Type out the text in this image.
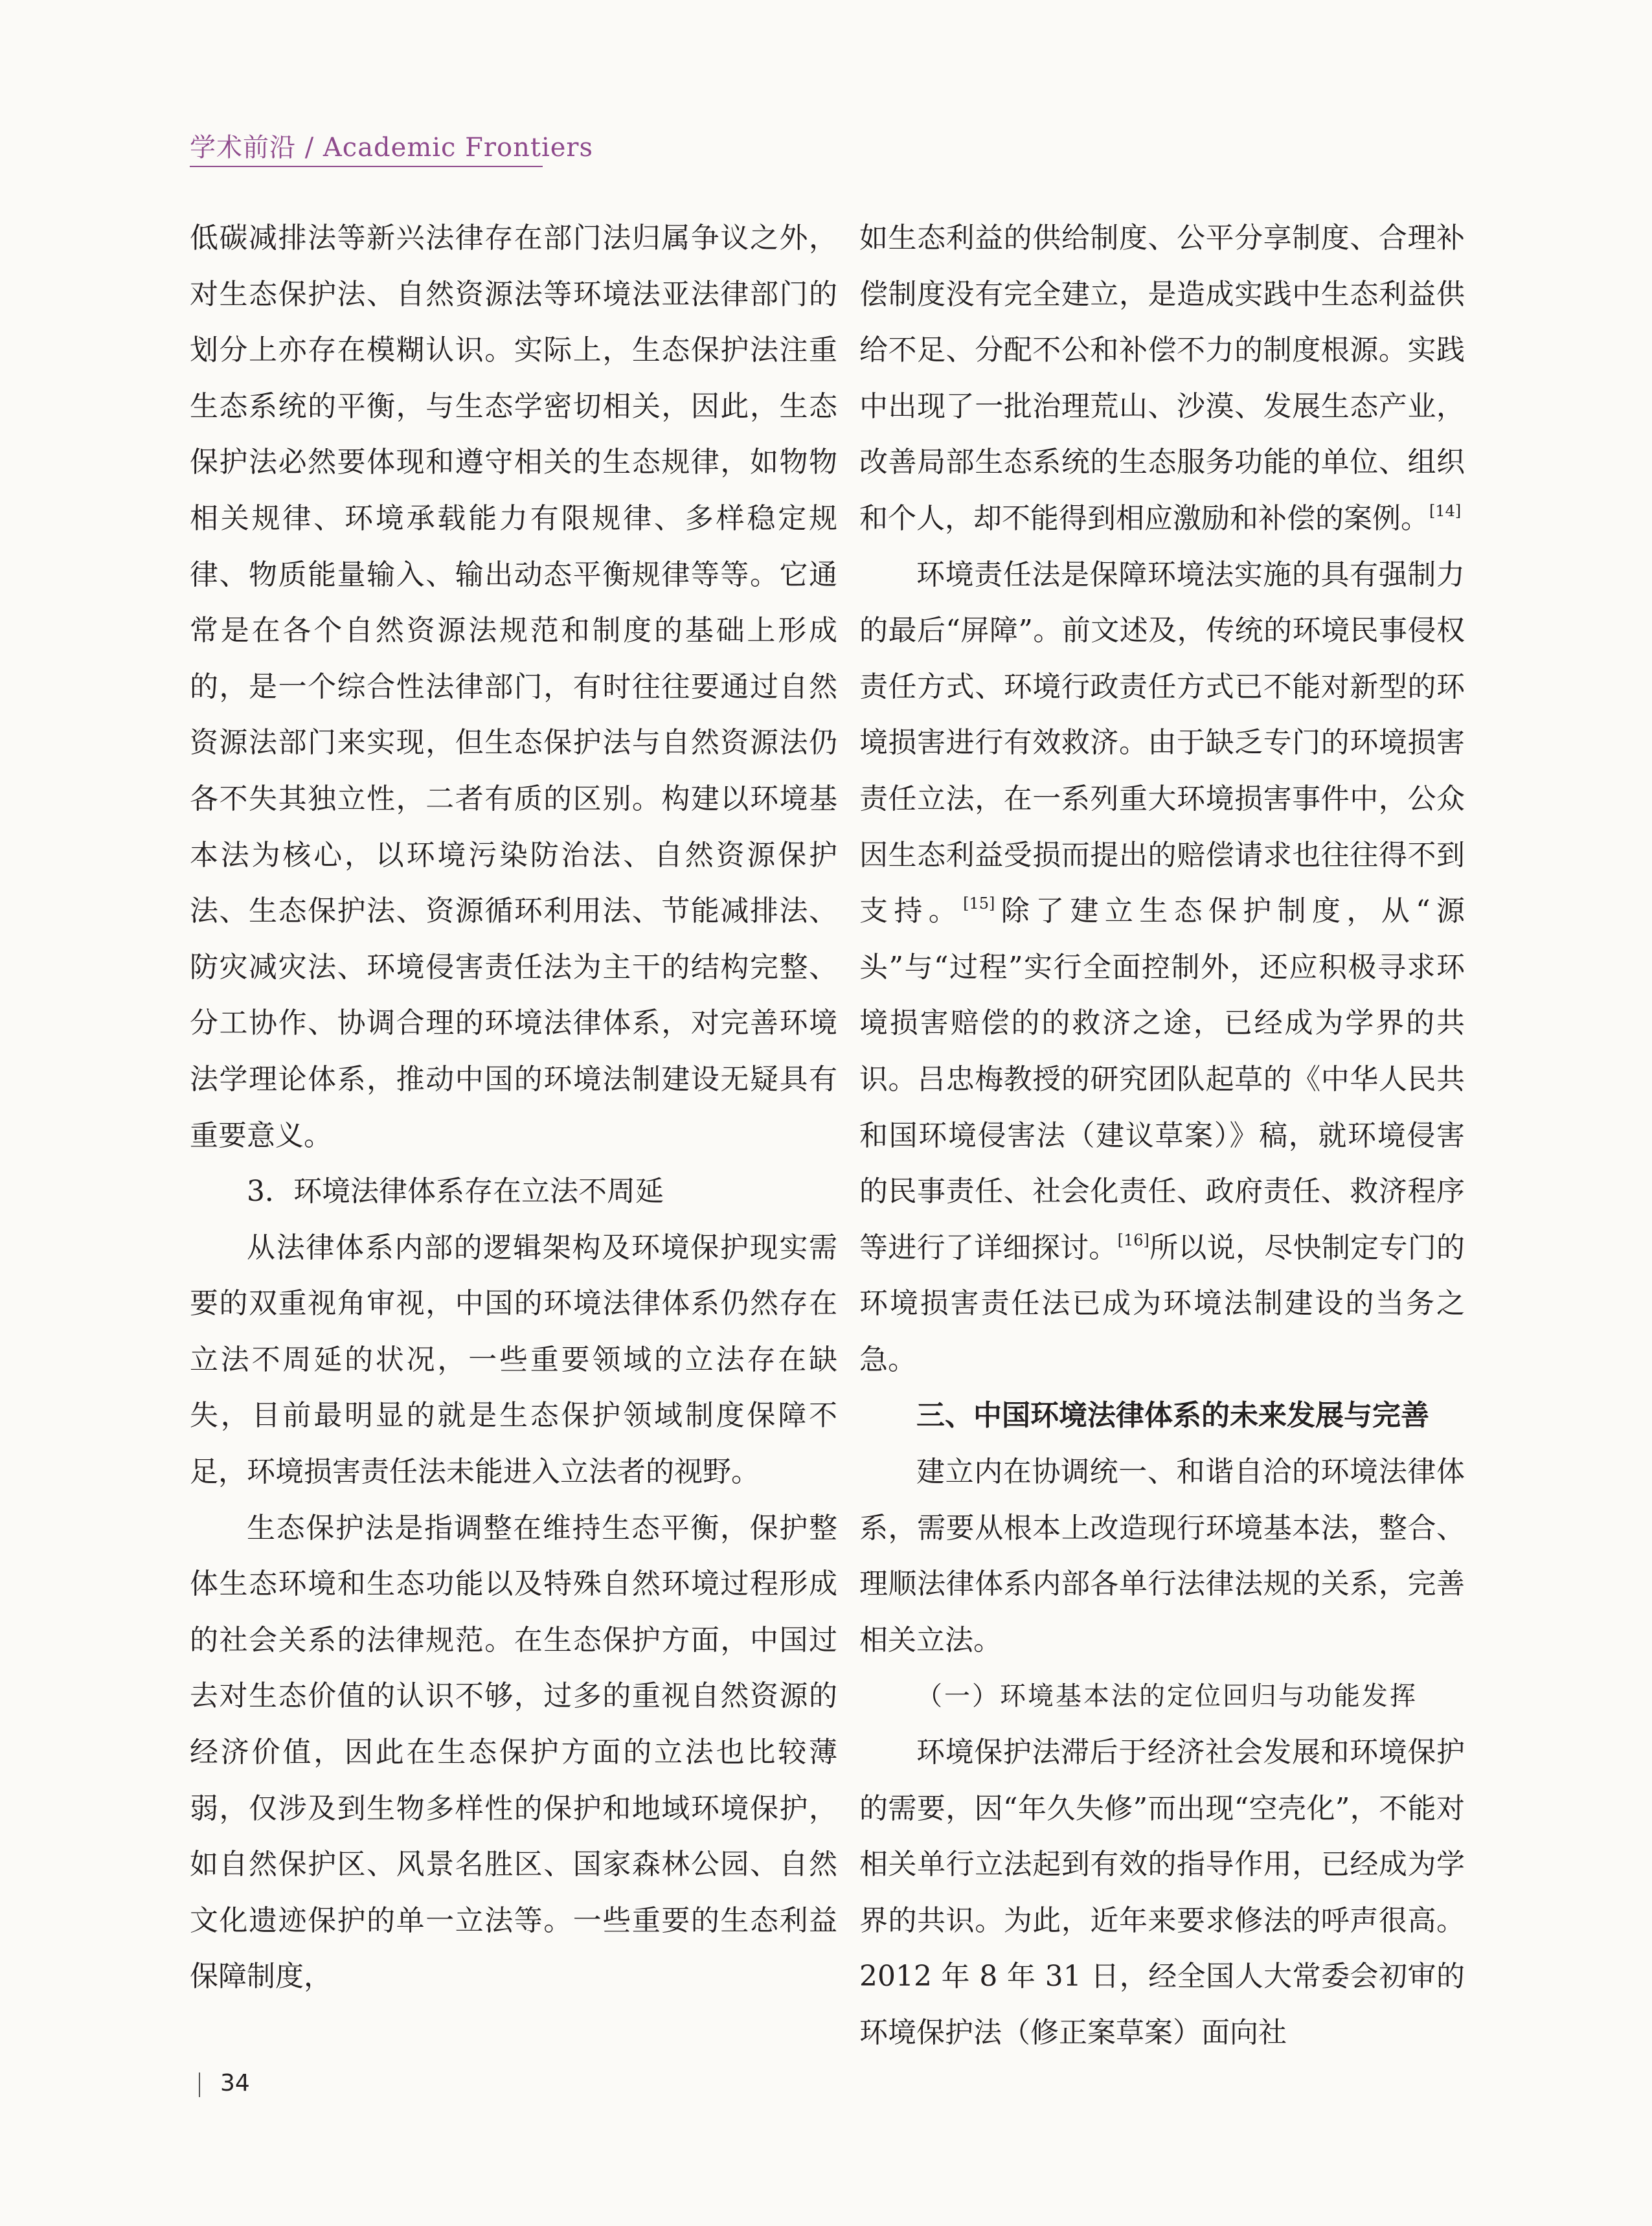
学术前沿 / Academic Frontiers

低碳减排法等新兴法律存在部门法归属争议之外，对生态保护法、自然资源法等环境法亚法律部门的划分上亦存在模糊认识。实际上，生态保护法注重生态系统的平衡，与生态学密切相关，因此，生态保护法必然要体现和遵守相关的生态规律，如物物相关规律、环境承载能力有限规律、多样稳定规律、物质能量输入、输出动态平衡规律等等。它通常是在各个自然资源法规范和制度的基础上形成的，是一个综合性法律部门，有时往往要通过自然资源法部门来实现，但生态保护法与自然资源法仍各不失其独立性，二者有质的区别。构建以环境基本法为核心，以环境污染防治法、自然资源保护法、生态保护法、资源循环利用法、节能减排法、防灾减灾法、环境侵害责任法为主干的结构完整、分工协作、协调合理的环境法律体系，对完善环境法学理论体系，推动中国的环境法制建设无疑具有重要意义。

3．环境法律体系存在立法不周延

从法律体系内部的逻辑架构及环境保护现实需要的双重视角审视，中国的环境法律体系仍然存在立法不周延的状况，一些重要领域的立法存在缺失，目前最明显的就是生态保护领域制度保障不足，环境损害责任法未能进入立法者的视野。

生态保护法是指调整在维持生态平衡，保护整体生态环境和生态功能以及特殊自然环境过程形成的社会关系的法律规范。在生态保护方面，中国过去对生态价值的认识不够，过多的重视自然资源的经济价值，因此在生态保护方面的立法也比较薄弱，仅涉及到生物多样性的保护和地域环境保护，如自然保护区、风景名胜区、国家森林公园、自然文化遗迹保护的单一立法等。一些重要的生态利益保障制度，

如生态利益的供给制度、公平分享制度、合理补偿制度没有完全建立，是造成实践中生态利益供给不足、分配不公和补偿不力的制度根源。实践中出现了一批治理荒山、沙漠、发展生态产业，改善局部生态系统的生态服务功能的单位、组织和个人，却不能得到相应激励和补偿的案例。[14]

环境责任法是保障环境法实施的具有强制力的最后“屏障”。前文述及，传统的环境民事侵权责任方式、环境行政责任方式已不能对新型的环境损害进行有效救济。由于缺乏专门的环境损害责任立法，在一系列重大环境损害事件中，公众因生态利益受损而提出的赔偿请求也往往得不到支持。[15]除了建立生态保护制度，从“源头”与“过程”实行全面控制外，还应积极寻求环境损害赔偿的的救济之途，已经成为学界的共识。吕忠梅教授的研究团队起草的《中华人民共和国环境侵害法（建议草案）》稿，就环境侵害的民事责任、社会化责任、政府责任、救济程序等进行了详细探讨。[16]所以说，尽快制定专门的环境损害责任法已成为环境法制建设的当务之急。

三、中国环境法律体系的未来发展与完善

建立内在协调统一、和谐自洽的环境法律体系，需要从根本上改造现行环境基本法，整合、理顺法律体系内部各单行法律法规的关系，完善相关立法。

（一）环境基本法的定位回归与功能发挥

环境保护法滞后于经济社会发展和环境保护的需要，因“年久失修”而出现“空壳化”，不能对相关单行立法起到有效的指导作用，已经成为学界的共识。为此，近年来要求修法的呼声很高。2012 年 8 年 31 日，经全国人大常委会初审的环境保护法（修正案草案）面向社

34
